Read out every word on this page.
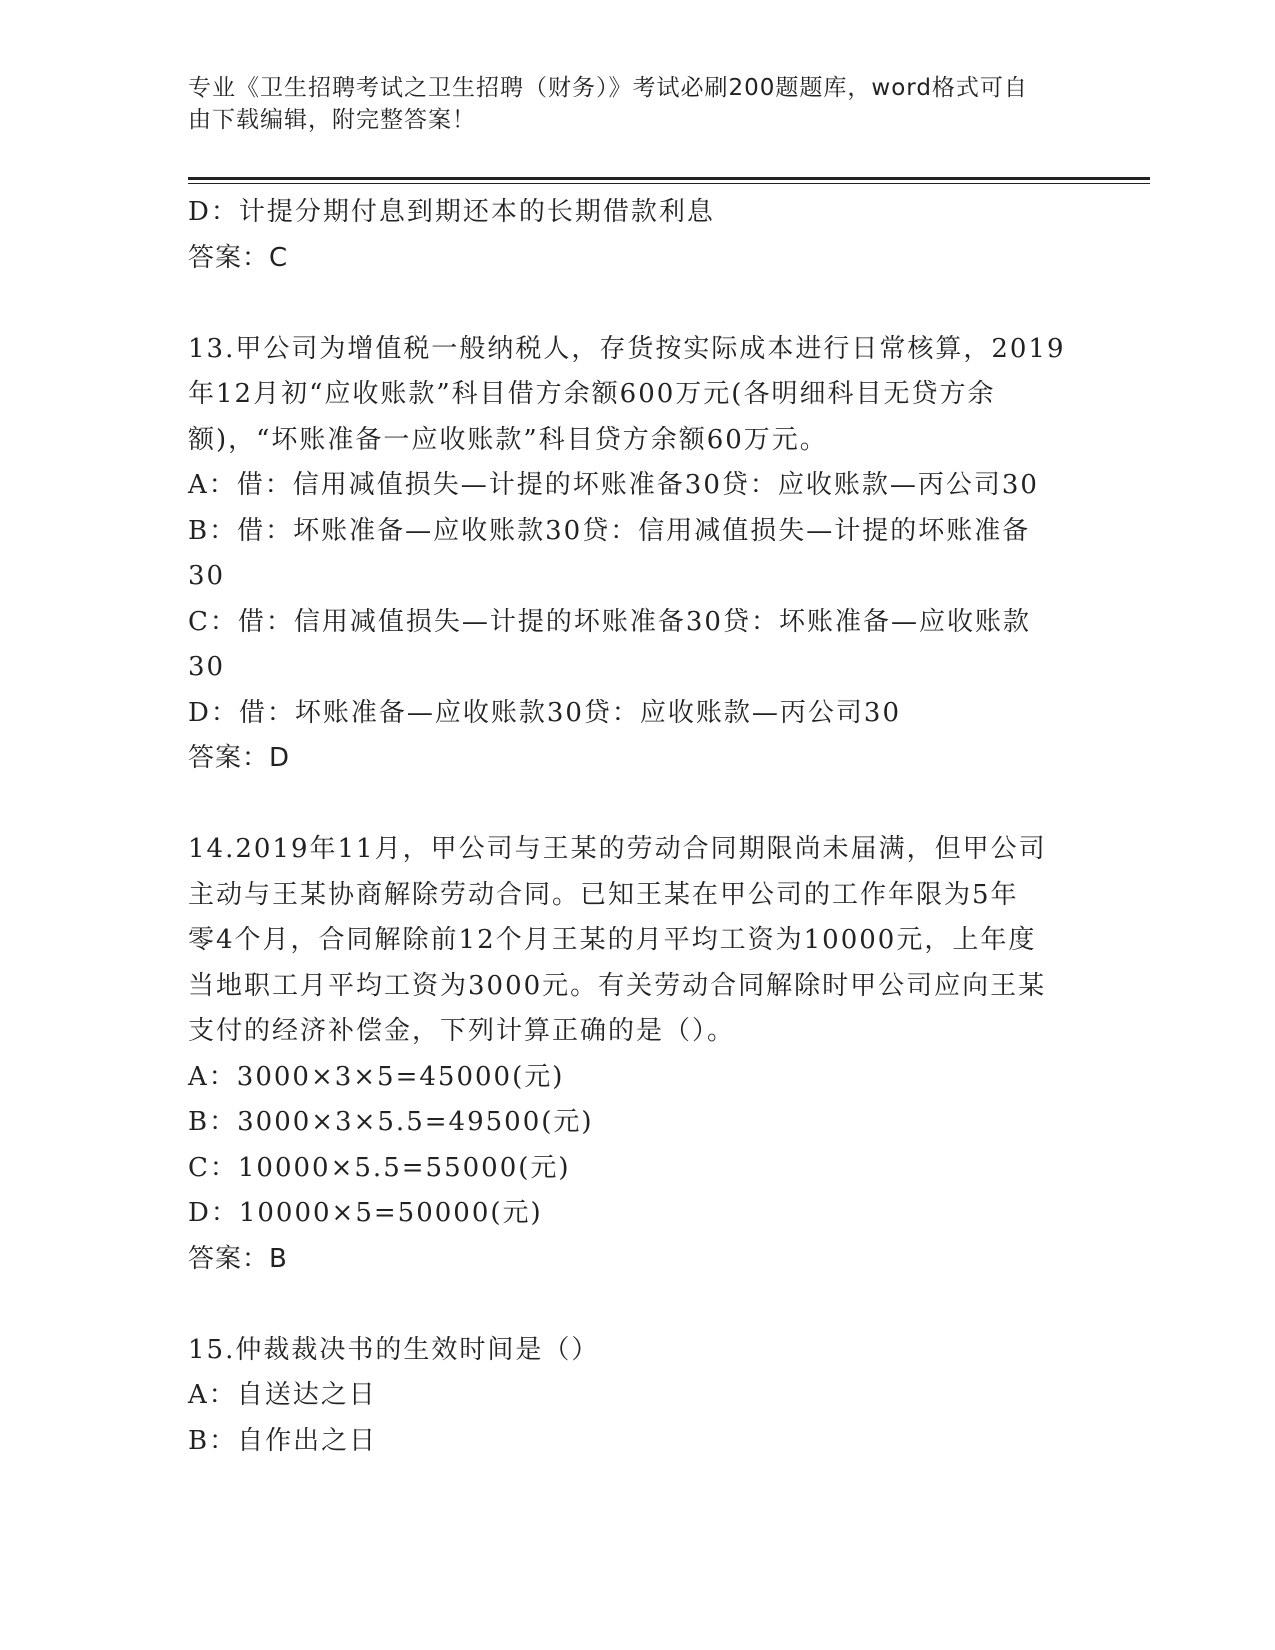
专业《卫生招聘考试之卫生招聘（财务）》考试必刷200题题库，word格式可自
由下载编辑，附完整答案！
D：计提分期付息到期还本的长期借款利息
答案：C
13.甲公司为增值税一般纳税人，存货按实际成本进行日常核算，2019
年12月初“应收账款”科目借方余额600万元(各明细科目无贷方余
额)，“坏账准备一应收账款”科目贷方余额60万元。
A：借：信用减值损失—计提的坏账准备30贷：应收账款—丙公司30
B：借：坏账准备—应收账款30贷：信用减值损失—计提的坏账准备
30
C：借：信用减值损失—计提的坏账准备30贷：坏账准备—应收账款
30
D：借：坏账准备—应收账款30贷：应收账款—丙公司30
答案：D
14.2019年11月，甲公司与王某的劳动合同期限尚未届满，但甲公司
主动与王某协商解除劳动合同。已知王某在甲公司的工作年限为5年
零4个月，合同解除前12个月王某的月平均工资为10000元，上年度
当地职工月平均工资为3000元。有关劳动合同解除时甲公司应向王某
支付的经济补偿金，下列计算正确的是（）。
A：3000×3×5=45000(元)
B：3000×3×5.5=49500(元)
C：10000×5.5=55000(元)
D：10000×5=50000(元)
答案：B
15.仲裁裁决书的生效时间是（）
A：自送达之日
B：自作出之日
